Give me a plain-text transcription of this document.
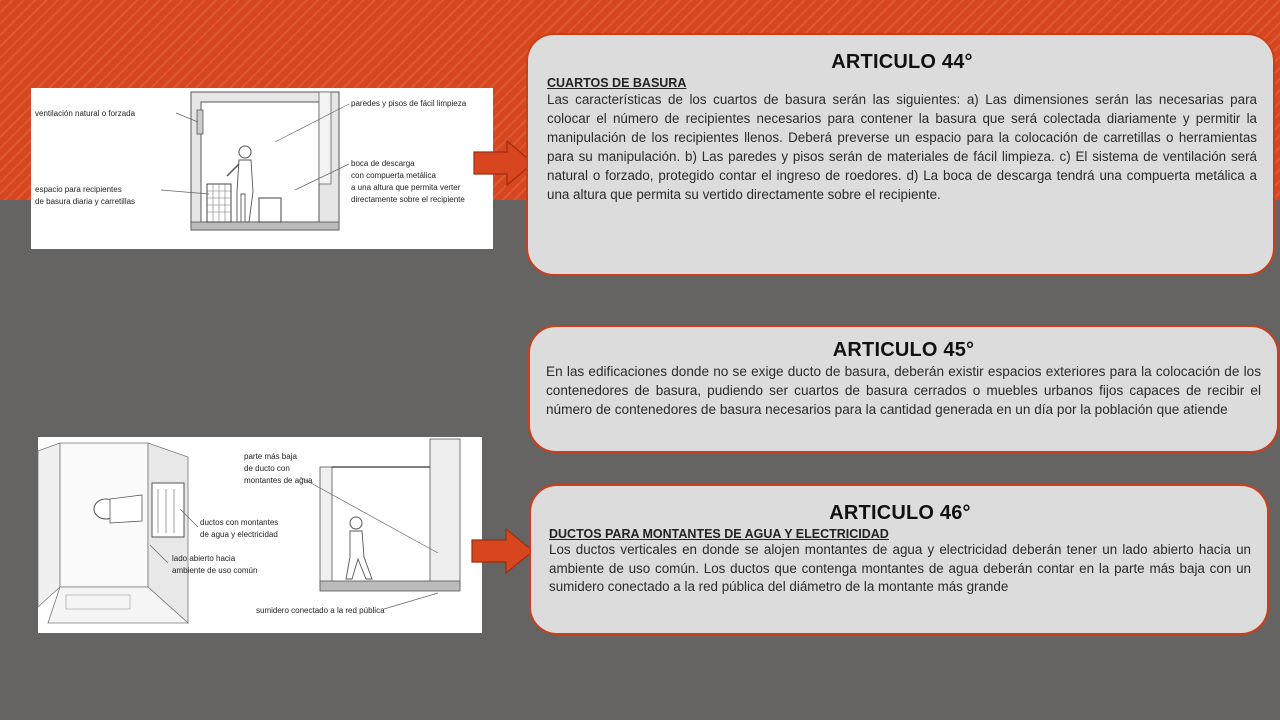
ventilación natural o forzada
espacio para recipientes
de basura diaria y carretillas
paredes y pisos de fácil limpieza
boca de descarga
con compuerta metálica
a una altura que permita verter
directamente sobre el recipiente
parte más baja
de ducto con
montantes de agua
ductos con montantes
de agua y electricidad
lado abierto hacia
ambiente de uso común
sumidero conectado a la red pública
ARTICULO 44°
CUARTOS DE BASURA

Las características de los cuartos de basura serán las siguientes: a) Las dimensiones serán las necesarias para colocar el número de recipientes necesarios para contener la basura que será colectada diariamente y permitir la manipulación de los recipientes llenos. Deberá preverse un espacio para la colocación de carretillas o herramientas para su manipulación. b) Las paredes y pisos serán de materiales de fácil limpieza. c) El sistema de ventilación será natural o forzado, protegido contar el ingreso de roedores. d) La boca de descarga tendrá una compuerta metálica a una altura que permita su vertido directamente sobre el recipiente.

ARTICULO 45°

En las edificaciones donde no se exige ducto de basura, deberán existir espacios exteriores para la colocación de los contenedores de basura, pudiendo ser cuartos de basura cerrados o muebles urbanos fijos capaces de recibir el número de contenedores de basura necesarios para la cantidad generada en un día por la población que atiende

ARTICULO 46°
DUCTOS PARA MONTANTES DE AGUA Y ELECTRICIDAD

Los ductos verticales en donde se alojen montantes de agua y electricidad deberán tener un lado abierto hacia un ambiente de uso común. Los ductos que contenga montantes de agua deberán contar en la parte más baja con un sumidero conectado a la red pública del diámetro de la montante más grande
